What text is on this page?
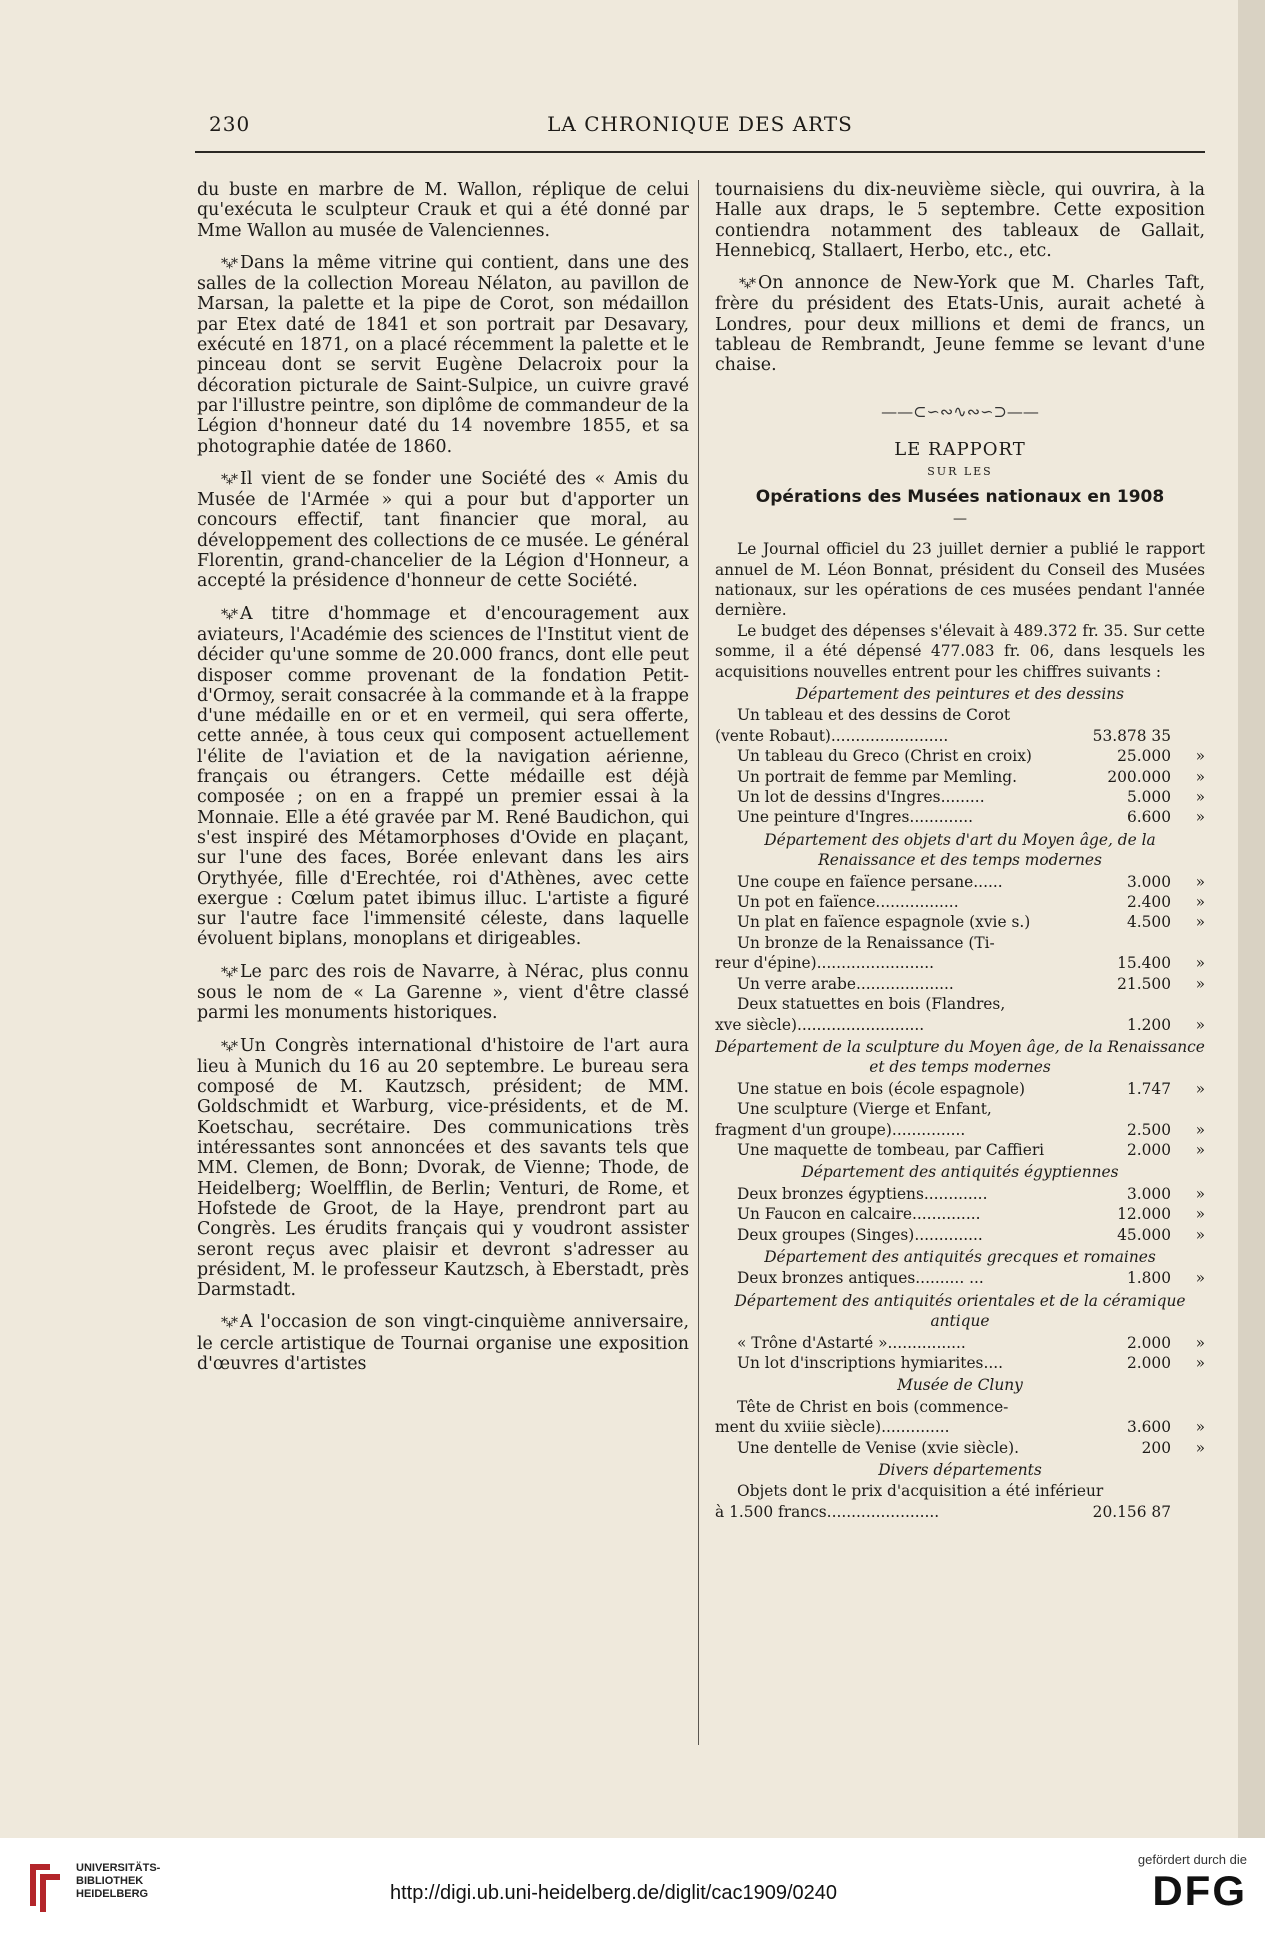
230	LA CHRONIQUE DES ARTS

du buste en marbre de M. Wallon, réplique de celui qu'exécuta le sculpteur Crauk et qui a été donné par Mme Wallon au musée de Valenciennes.

*⁎* Dans la même vitrine qui contient, dans une des salles de la collection Moreau Nélaton, au pavillon de Marsan, la palette et la pipe de Corot, son médaillon par Etex daté de 1841 et son portrait par Desavary, exécuté en 1871, on a placé récemment la palette et le pinceau dont se servit Eugène Delacroix pour la décoration picturale de Saint-Sulpice, un cuivre gravé par l'illustre peintre, son diplôme de commandeur de la Légion d'honneur daté du 14 novembre 1855, et sa photographie datée de 1860.

*⁎* Il vient de se fonder une Société des « Amis du Musée de l'Armée » qui a pour but d'apporter un concours effectif, tant financier que moral, au développement des collections de ce musée. Le général Florentin, grand-chancelier de la Légion d'Honneur, a accepté la présidence d'honneur de cette Société.

*⁎* A titre d'hommage et d'encouragement aux aviateurs, l'Académie des sciences de l'Institut vient de décider qu'une somme de 20.000 francs, dont elle peut disposer comme provenant de la fondation Petit-d'Ormoy, serait consacrée à la commande et à la frappe d'une médaille en or et en vermeil, qui sera offerte, cette année, à tous ceux qui composent actuellement l'élite de l'aviation et de la navigation aérienne, français ou étrangers. Cette médaille est déjà composée ; on en a frappé un premier essai à la Monnaie. Elle a été gravée par M. René Baudichon, qui s'est inspiré des Métamorphoses d'Ovide en plaçant, sur l'une des faces, Borée enlevant dans les airs Orythyée, fille d'Erechtée, roi d'Athènes, avec cette exergue : Cœlum patet ibimus illuc. L'artiste a figuré sur l'autre face l'immensité céleste, dans laquelle évoluent biplans, monoplans et dirigeables.

*⁎* Le parc des rois de Navarre, à Nérac, plus connu sous le nom de « La Garenne », vient d'être classé parmi les monuments historiques.

*⁎* Un Congrès international d'histoire de l'art aura lieu à Munich du 16 au 20 septembre. Le bureau sera composé de M. Kautzsch, président; de MM. Goldschmidt et Warburg, vice-présidents, et de M. Koetschau, secrétaire. Des communications très intéressantes sont annoncées et des savants tels que MM. Clemen, de Bonn; Dvorak, de Vienne; Thode, de Heidelberg; Woelfflin, de Berlin; Venturi, de Rome, et Hofstede de Groot, de la Haye, prendront part au Congrès. Les érudits français qui y voudront assister seront reçus avec plaisir et devront s'adresser au président, M. le professeur Kautzsch, à Eberstadt, près Darmstadt.

*⁎* A l'occasion de son vingt-cinquième anniversaire, le cercle artistique de Tournai organise une exposition d'œuvres d'artistes

tournaisiens du dix-neuvième siècle, qui ouvrira, à la Halle aux draps, le 5 septembre. Cette exposition contiendra notamment des tableaux de Gallait, Hennebicq, Stallaert, Herbo, etc., etc.

*⁎* On annonce de New-York que M. Charles Taft, frère du président des Etats-Unis, aurait acheté à Londres, pour deux millions et demi de francs, un tableau de Rembrandt, Jeune femme se levant d'une chaise.

——⊂∽∾∿∾∽⊃——
LE RAPPORT
SUR LES
Opérations des Musées nationaux en 1908
—

Le Journal officiel du 23 juillet dernier a publié le rapport annuel de M. Léon Bonnat, président du Conseil des Musées nationaux, sur les opérations de ces musées pendant l'année dernière.

Le budget des dépenses s'élevait à 489.372 fr. 35. Sur cette somme, il a été dépensé 477.083 fr. 06, dans lesquels les acquisitions nouvelles entrent pour les chiffres suivants :

Département des peintures et des dessins
Un tableau et des dessins de Corot
(vente Robaut)........................	53.878 35
Un tableau du Greco (Christ en croix)	25.000	»
Un portrait de femme par Memling.	200.000	»
Un lot de dessins d'Ingres.........	5.000	»
Une peinture d'Ingres.............	6.600	»
Département des objets d'art du Moyen âge, de la Renaissance et des temps modernes
Une coupe en faïence persane......	3.000	»
Un pot en faïence.................	2.400	»
Un plat en faïence espagnole (xvie s.)	4.500	»
Un bronze de la Renaissance (Ti-
reur d'épine)........................	15.400	»
Un verre arabe....................	21.500	»
Deux statuettes en bois (Flandres,
xve siècle)..........................	1.200	»
Département de la sculpture du Moyen âge, de la Renaissance et des temps modernes
Une statue en bois (école espagnole)	1.747	»
Une sculpture (Vierge et Enfant,
fragment d'un groupe)...............	2.500	»
Une maquette de tombeau, par Caffieri	2.000	»
Département des antiquités égyptiennes
Deux bronzes égyptiens.............	3.000	»
Un Faucon en calcaire..............	12.000	»
Deux groupes (Singes)..............	45.000	»
Département des antiquités grecques et romaines
Deux bronzes antiques.......... ...	1.800	»
Département des antiquités orientales et de la céramique antique
« Trône d'Astarté »................	2.000	»
Un lot d'inscriptions hymiarites....	2.000	»
Musée de Cluny
Tête de Christ en bois (commence-
ment du xviiie siècle)..............	3.600	»
Une dentelle de Venise (xvie siècle).	200	»
Divers départements
Objets dont le prix d'acquisition a été inférieur
à 1.500 francs.......................	20.156 87
UNIVERSITÄTS-
BIBLIOTHEK
HEIDELBERG	http://digi.ub.uni-heidelberg.de/diglit/cac1909/0240
gefördert durch die
DFG
